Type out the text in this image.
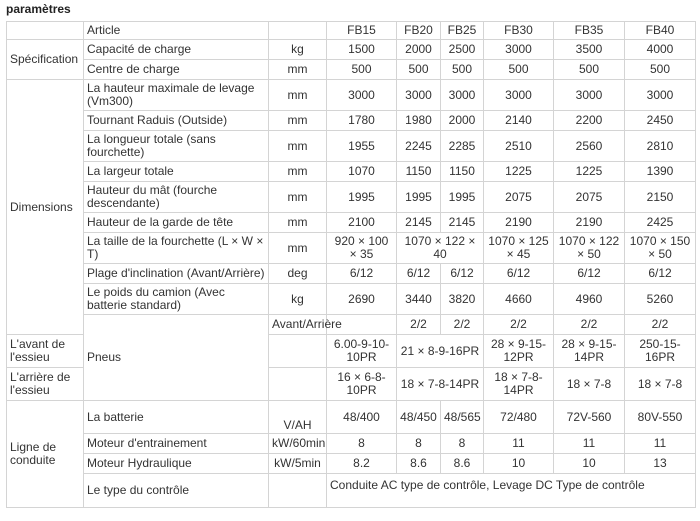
paramètres
	Article		FB15	FB20	FB25	FB30	FB35	FB40	
Spécification	Capacité de charge	kg	1500	2000	2500	3000	3500	4000	
	Centre de charge	mm	500	500	500	500	500	500	
Dimensions	La hauteur maximale de levage (Vm300)	mm	3000	3000	3000	3000	3000	3000	
	Tournant Raduis (Outside)	mm	1780	1980	2000	2140	2200	2450	
	La longueur totale (sans fourchette)	mm	1955	2245	2285	2510	2560	2810	
	La largeur totale	mm	1070	1150	1150	1225	1225	1390	
	Hauteur du mât (fourche descendante)	mm	1995	1995	1995	2075	2075	2150	
	Hauteur de la garde de tête	mm	2100	2145	2145	2190	2190	2425	
	La taille de la fourchette (L × W × T)	mm	920 × 100 × 35	1070 × 122 × 40		1070 × 125 × 45	1070 × 122 × 50	1070 × 150 × 50	
	Plage d'inclination (Avant/Arrière)	deg	6/12	6/12	6/12	6/12	6/12	6/12	
	Le poids du camion (Avec batterie standard)	kg	2690	3440	3820	4660	4960	5260	
	Pneus	Avant/Arrière		2/2	2/2	2/2	2/2	2/2	
L'avant de l'essieu			6.00-9-10-10PR	21 × 8-9-16PR		28 × 9-15-12PR	28 × 9-15-14PR	250-15-16PR	
L'arrière de l'essieu			16 × 6-8-10PR	18 × 7-8-14PR		18 × 7-8-14PR	18 × 7-8	18 × 7-8	
Ligne de conduite	La batterie	V/AH	48/400	48/450	48/565	72/480	72V-560	80V-550	
	Moteur d'entrainement	kW/60min	8	8	8	11	11	11	
	Moteur Hydraulique	kW/5min	8.2	8.6	8.6	10	10	13	
	Le type du contrôle		Conduite AC type de contrôle, Levage DC Type de contrôle						
